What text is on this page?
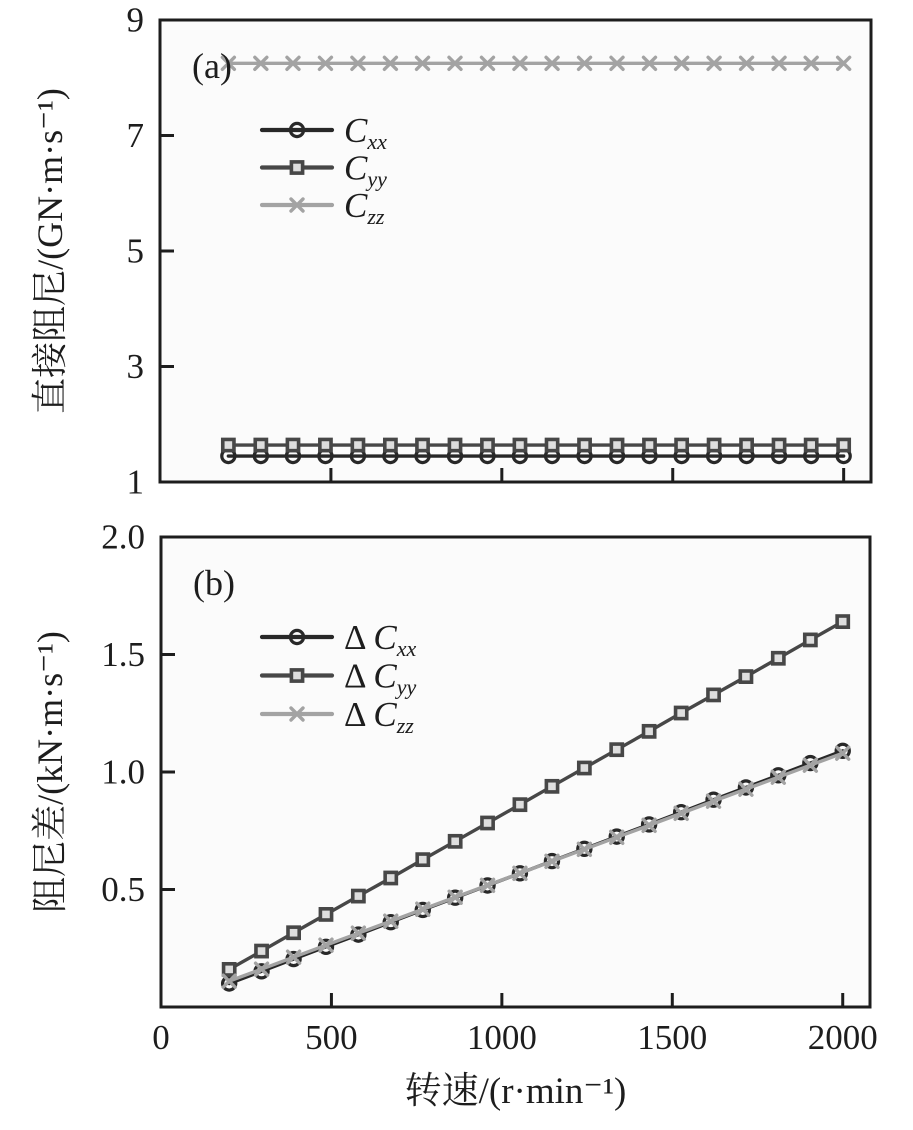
1
3
5
7
9
$C_{xx}$
$C_{yy}$
$C_{zz}$
(a)
直接阻尼/(GN·m·s⁻¹)
0.5
1.0
1.5
2.0
0	500	1000	1500	2000
Δ $C_{xx}$
Δ $C_{yy}$
Δ $C_{zz}$
(b)
阻尼差/(kN·m·s⁻¹)
转速/(r·min⁻¹)
